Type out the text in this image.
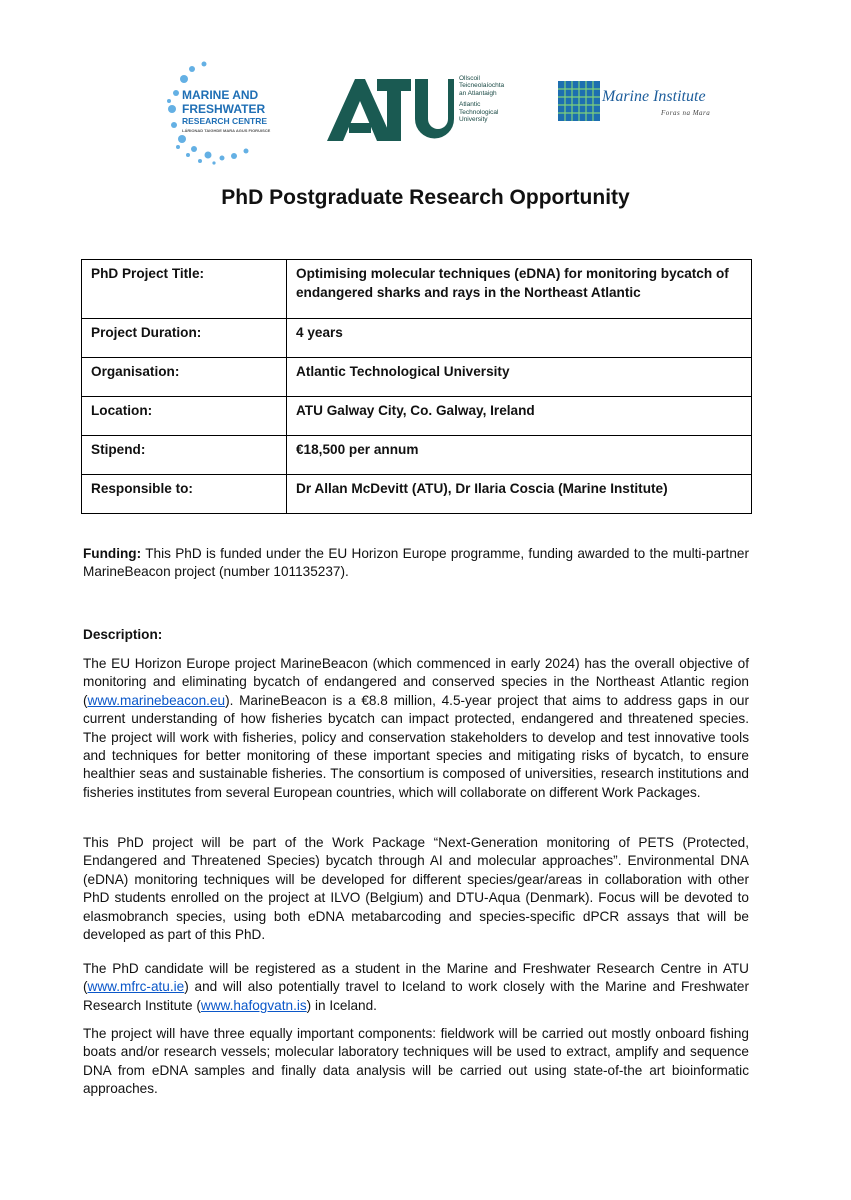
MARINE AND
FRESHWATER
RESEARCH CENTRE
LÁRIONAD TAIGHDE MARA AGUS FIORUISCE
Ollscoil
Teicneolaíochta
an Atlantaigh
Atlantic
Technological
University
Marine Institute
Foras na Mara
PhD Postgraduate Research Opportunity
PhD Project Title:	Optimising molecular techniques (eDNA) for monitoring bycatch of endangered sharks and rays in the Northeast Atlantic
Project Duration:	4 years
Organisation:	Atlantic Technological University
Location:	ATU Galway City, Co. Galway, Ireland
Stipend:	€18,500 per annum
Responsible to:	Dr Allan McDevitt (ATU), Dr Ilaria Coscia (Marine Institute)

Funding: This PhD is funded under the EU Horizon Europe programme, funding awarded to the multi-partner MarineBeacon project (number 101135237).

Description:

The EU Horizon Europe project MarineBeacon (which commenced in early 2024) has the overall objective of monitoring and eliminating bycatch of endangered and conserved species in the Northeast Atlantic region (www.marinebeacon.eu). MarineBeacon is a €8.8 million, 4.5-year project that aims to address gaps in our current understanding of how fisheries bycatch can impact protected, endangered and threatened species. The project will work with fisheries, policy and conservation stakeholders to develop and test innovative tools and techniques for better monitoring of these important species and mitigating risks of bycatch, to ensure healthier seas and sustainable fisheries. The consortium is composed of universities, research institutions and fisheries institutes from several European countries, which will collaborate on different Work Packages.

This PhD project will be part of the Work Package “Next-Generation monitoring of PETS (Protected, Endangered and Threatened Species) bycatch through AI and molecular approaches”. Environmental DNA (eDNA) monitoring techniques will be developed for different species/gear/areas in collaboration with other PhD students enrolled on the project at ILVO (Belgium) and DTU-Aqua (Denmark). Focus will be devoted to elasmobranch species, using both eDNA metabarcoding and species-specific dPCR assays that will be developed as part of this PhD.

The PhD candidate will be registered as a student in the Marine and Freshwater Research Centre in ATU (www.mfrc-atu.ie) and will also potentially travel to Iceland to work closely with the Marine and Freshwater Research Institute (www.hafogvatn.is) in Iceland.

The project will have three equally important components: fieldwork will be carried out mostly onboard fishing boats and/or research vessels; molecular laboratory techniques will be used to extract, amplify and sequence DNA from eDNA samples and finally data analysis will be carried out using state-of-the art bioinformatic approaches.
